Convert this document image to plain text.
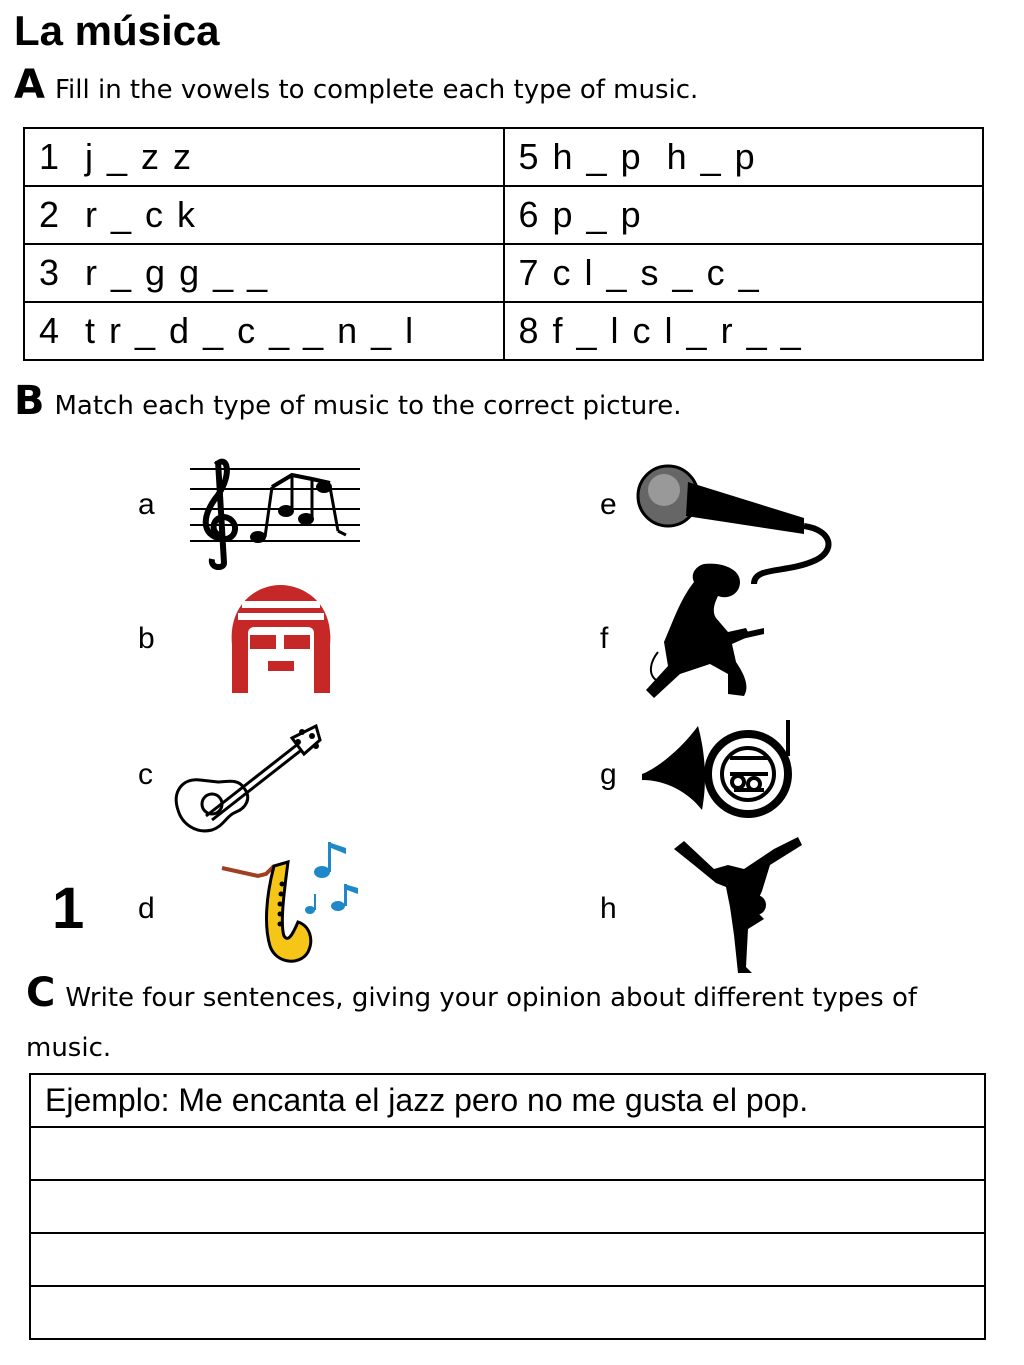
La música
A Fill in the vowels to complete each type of music.
1  j _ z z	5 h _ p  h _ p
2  r _ c k	6 p _ p
3  r _ g g _ _	7 c l _ s _ c _
4  t r _ d _ c _ _ n _ l	8 f _ l c l _ r _ _
B Match each type of music to the correct picture.
a
b
c
d
e
f
g
h
1
C Write four sentences, giving your opinion about different types of music.
Ejemplo: Me encanta el jazz pero no me gusta el pop.
